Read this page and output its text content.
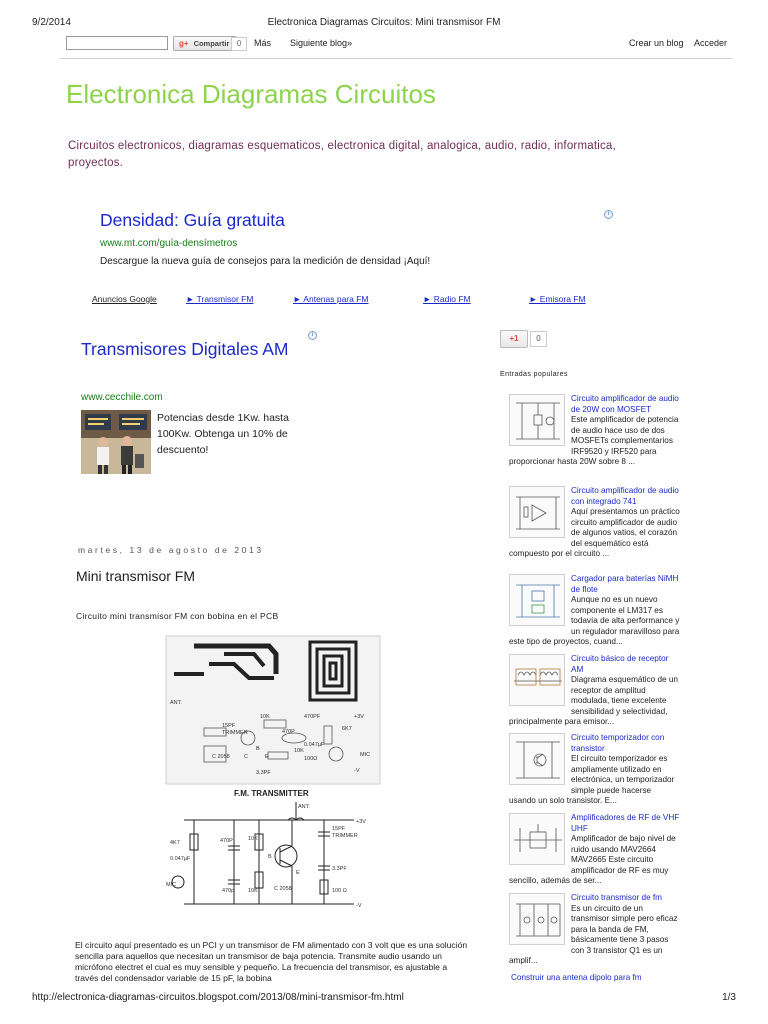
9/2/2014	Electronica Diagramas Circuitos: Mini transmisor FM
g+ Compartir 0	Más Siguiente blog»	Crear un blog Acceder
Electronica Diagramas Circuitos
Circuitos electronicos, diagramas esquematicos, electronica digital, analogica, audio, radio, informatica, proyectos.
Densidad: Guía gratuita
www.mt.com/guía-densímetros
Descargue la nueva guía de consejos para la medición de densidad ¡Aquí!
i
Anuncios Google	► Transmisor FM	► Antenas para FM	► Radio FM	► Emisora FM
Transmisores Digitales AM
i
www.cecchile.com
Potencias desde 1Kw. hasta 100Kw. Obtenga un 10% de descuento!
martes, 13 de agosto de 2013
Mini transmisor FM
Circuito mini transmisor FM con bobina en el PCB
ANT.
15PF
TRIMMER
10K	470PF
470P
+3V
0.047µF
6K7
B
C	E
C 2058
10K
100Ω
MIC
-V
3.3PF
F.M. TRANSMITTER
ANT.
+3V
4K7	470P	10K
15PF
TRIMMER
0.047µF	B
E
C 2058
3.3PF
MIC
470p	10K	100 Ω
-V
El circuito aquí presentado es un PCI y un transmisor de FM alimentado con 3 volt que es una solución sencilla para aquellos que necesitan un transmisor de baja potencia. Transmite audio usando un micrófono electret el cual es muy sensible y pequeño. La frecuencia del transmisor, es ajustable a través del condensador variable de 15 pF, la bobina
+1	0
Entradas populares
Circuito amplificador de audio de 20W con MOSFET
Este amplificador de potencia de audio hace uso de dos MOSFETs complementarios IRF9520 y IRF520 para proporcionar hasta 20W sobre 8 ...
Circuito amplificador de audio con integrado 741
Aquí presentamos un práctico circuito amplificador de audio de algunos vatios, el corazón del esquemático está compuesto por el circuito ...
Cargador para baterías NiMH de flote
Aunque no es un nuevo componente el LM317 es todavía de alta performance y un regulador maravilloso para este tipo de proyectos, cuand...
Circuito básico de receptor AM
Diagrama esquemático de un receptor de amplitud modulada, tiene excelente sensibilidad y selectividad, principalmente para emisor...
Circuito temporizador con transistor
El circuito temporizador es ampliamente utilizado en electrónica, un temporizador simple puede hacerse usando un solo transistor. E...
Amplificadores de RF de VHF UHF
Amplificador de bajo nivel de ruido usando MAV2664 MAV2665 Este circuito amplificador de RF es muy sencillo, además de ser...
Circuito transmisor de fm
Es un circuito de un transmisor simple pero eficaz para la banda de FM, básicamente tiene 3 pasos con 3 transistor Q1 es un amplif...
Construir una antena dipolo para fm
http://electronica-diagramas-circuitos.blogspot.com/2013/08/mini-transmisor-fm.html	1/3
